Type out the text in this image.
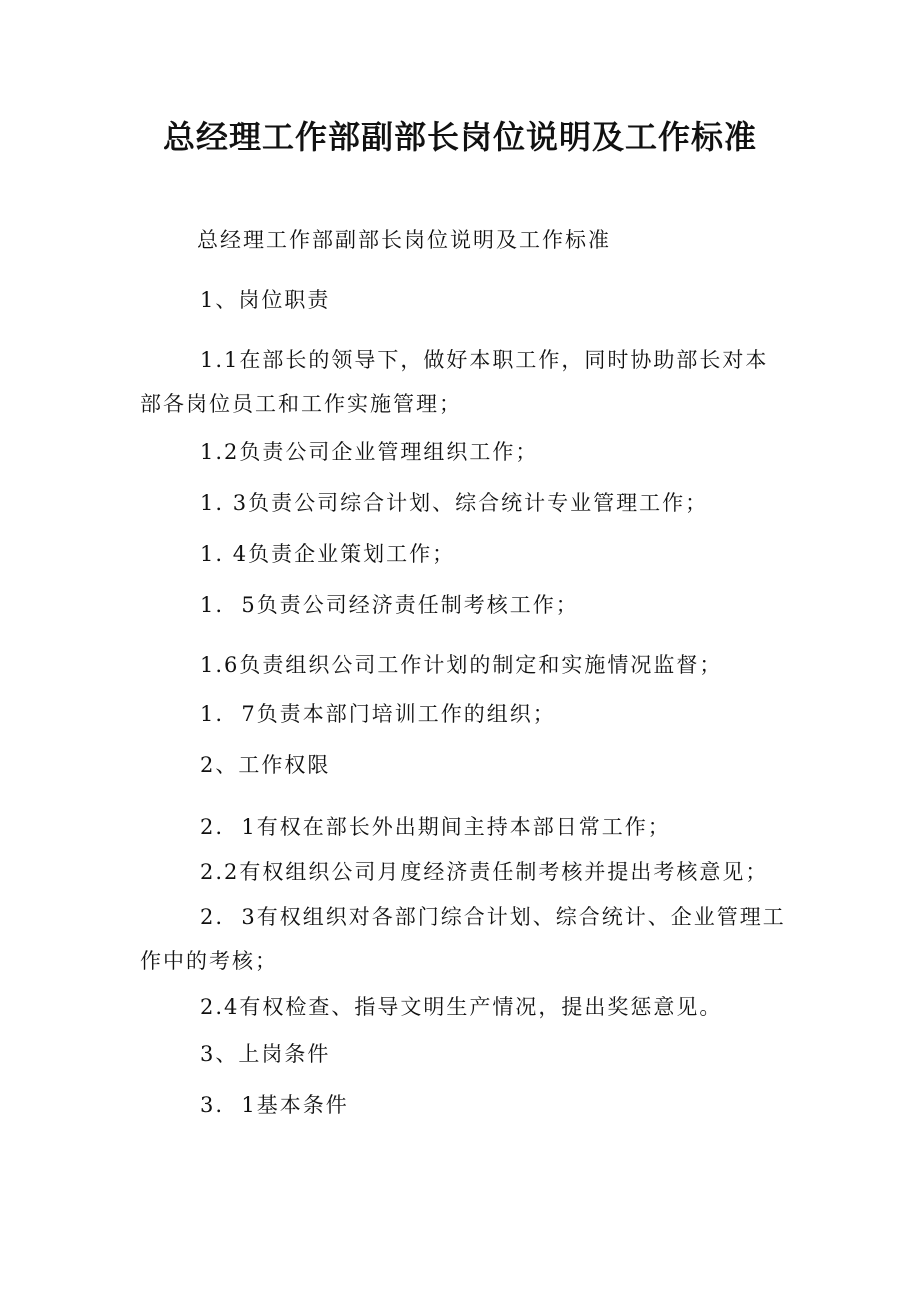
总经理工作部副部长岗位说明及工作标准

总经理工作部副部长岗位说明及工作标准

1、岗位职责

1.1在部长的领导下，做好本职工作，同时协助部长对本部各岗位员工和工作实施管理；

1.2负责公司企业管理组织工作；

1. 3负责公司综合计划、综合统计专业管理工作；

1. 4负责企业策划工作；

1.  5负责公司经济责任制考核工作；

1.6负责组织公司工作计划的制定和实施情况监督；

1.  7负责本部门培训工作的组织；

2、工作权限

2.  1有权在部长外出期间主持本部日常工作；

2.2有权组织公司月度经济责任制考核并提出考核意见；

2.  3有权组织对各部门综合计划、综合统计、企业管理工作中的考核；

2.4有权检查、指导文明生产情况，提出奖惩意见。

3、上岗条件

3.  1基本条件
